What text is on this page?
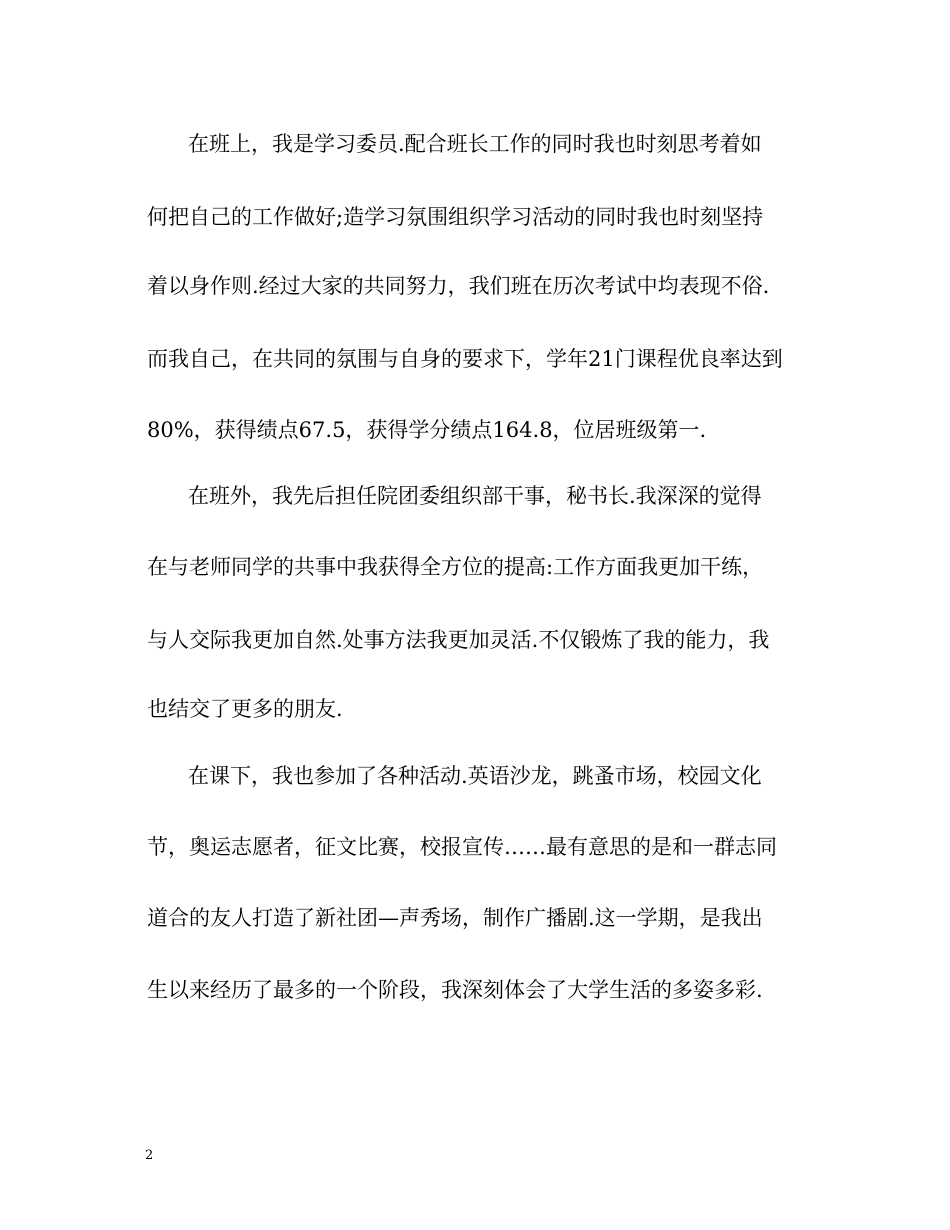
在班上，我是学习委员.配合班长工作的同时我也时刻思考着如
何把自己的工作做好;造学习氛围组织学习活动的同时我也时刻坚持
着以身作则.经过大家的共同努力，我们班在历次考试中均表现不俗.
而我自己，在共同的氛围与自身的要求下，学年21门课程优良率达到
80%，获得绩点67.5，获得学分绩点164.8，位居班级第一.
在班外，我先后担任院团委组织部干事，秘书长.我深深的觉得
在与老师同学的共事中我获得全方位的提高:工作方面我更加干练，
与人交际我更加自然.处事方法我更加灵活.不仅锻炼了我的能力，我
也结交了更多的朋友.
在课下，我也参加了各种活动.英语沙龙，跳蚤市场，校园文化
节，奥运志愿者，征文比赛，校报宣传……最有意思的是和一群志同
道合的友人打造了新社团—声秀场，制作广播剧.这一学期，是我出
生以来经历了最多的一个阶段，我深刻体会了大学生活的多姿多彩.
2
